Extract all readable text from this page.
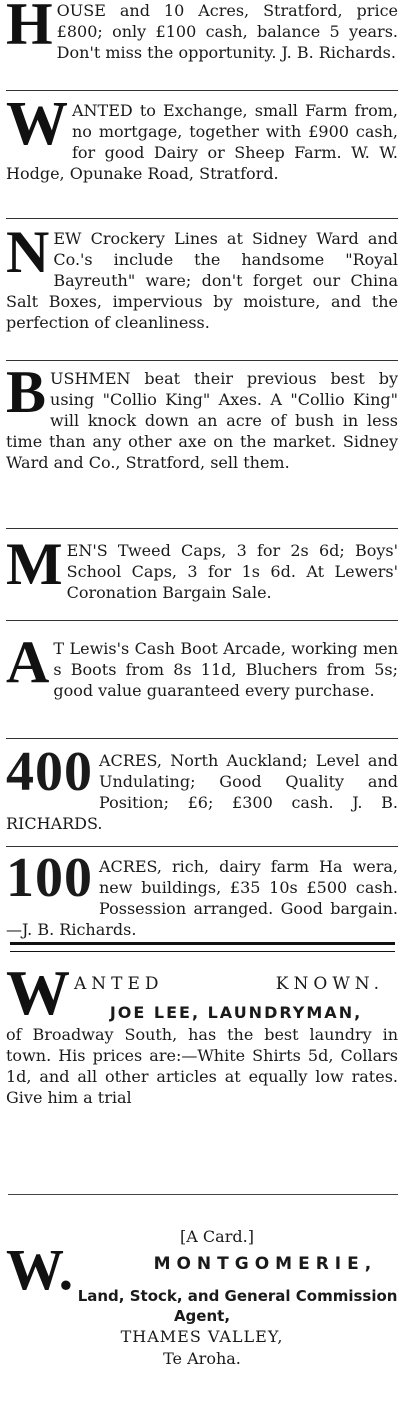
H OUSE and 10 Acres, Stratford, price £800; only £100 cash, balance 5 years. Don't miss the opportunity. J. B. Richards.

W ANTED to Exchange, small Farm from, no mortgage, together with £900 cash, for good Dairy or Sheep Farm. W. W. Hodge, Opunake Road, Stratford.

N EW Crockery Lines at Sidney Ward and Co.'s include the handsome "Royal Bayreuth" ware; don't forget our China Salt Boxes, impervious by moisture, and the perfection of cleanliness.

B USHMEN beat their previous best by using "Collio King" Axes. A "Collio King" will knock down an acre of bush in less time than any other axe on the market. Sidney Ward and Co., Stratford, sell them.

M EN'S Tweed Caps, 3 for 2s 6d; Boys' School Caps, 3 for 1s 6d. At Lewers' Coronation Bargain Sale.

A T Lewis's Cash Boot Arcade, working men s Boots from 8s 11d, Bluchers from 5s; good value guaranteed every purchase.

400 ACRES, North Auckland; Level and Undulating; Good Quality and Position; £6; £300 cash. J. B. RICHARDS.

100 ACRES, rich, dairy farm Ha wera, new buildings, £35 10s £500 cash. Possession arranged. Good bargain.—J. B. Richards.

W ANTED KNOWN.
JOE LEE, LAUNDRYMAN,

of Broadway South, has the best laundry in town. His prices are:—White Shirts 5d, Collars 1d, and all other articles at equally low rates. Give him a trial

[A Card.]
W.	MONTGOMERIE,
Land, Stock, and General Commission
Agent,
THAMES VALLEY,
Te Aroha.
